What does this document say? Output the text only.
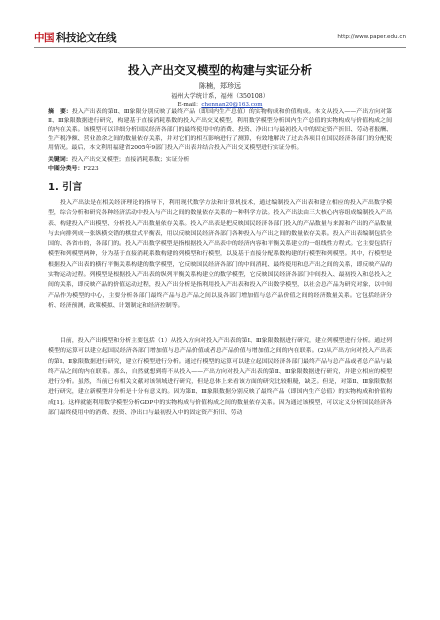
中国 科技论文在线	http://www.paper.edu.cn
投入产出交叉模型的构建与实证分析
陈楠，郑珍远
福州大学统计系，福州（350108）
E-mail：chennan20@163.com
摘　要：投入产出表的第Ⅱ、Ⅲ象限分别反映了最终产品（即国内生产总值）的实物构成和价值构成。本文从投入——产出方向对第Ⅱ、Ⅲ象限数据进行研究，构建基于直接消耗系数的投入产出交叉模型，利用数学模型分析国内生产总值的实物构成与价值构成之间的内在关系。该模型可以详细分析国民经济各部门的最终使用中的消费、投资、净出口与最初投入中的固定资产折旧、劳动者报酬、生产税净额、营业盈余之间的数量依存关系，并对它们的相互影响进行了测算，有效地解决了过去各项目在国民经济各部门的分配使用情况。最后，本文利用福建省2005年9部门投入产出表并结合投入产出交叉模型进行实证分析。
关键词：投入产出交叉模型；直接消耗系数；实证分析
中图分类号：F223
1. 引言
投入产出法是在相关经济理论的指导下，利用现代数学方法和计算机技术，通过编制投入产出表和建立相应的投入产出数学模型，综合分析和研究各种经济活动中投入与产出之间的数量依存关系的一种科学方法。投入产出法由三大核心内容组成编制投入产出表、构建投入产出模型、分析投入产出数量依存关系。投入产出表是把反映国民经济各部门投入的产品数量与来源和产出的产品数量与去向排列成一张纵横交错的棋盘式平衡表，用以反映国民经济各部门各种投入与产出之间的数量依存关系。投入产出表编制包括全国的、各省市的，各部门的。投入产出数学模型是指根据投入产出表中的经济内容和平衡关系建立的一组线性方程式。它主要包括行模型和列模型两种，分为基于直接消耗系数构建的列模型和行模型，以及基于直接分配系数构建的行模型和列模型。其中，行模型是根据投入产出表的横行平衡关系构建的数学模型，它反映国民经济各部门的中间消耗、最终使用和总产出之间的关系，即反映产品的实物运动过程。列模型是根据投入产出表的纵列平衡关系构建立的数学模型，它反映国民经济各部门中间投入、最初投入和总投入之间的关系，即反映产品的价值运动过程，投入产出分析是指利用投入产出表和投入产出数学模型，以社会总产品为研究对象，以中间产品作为模型的中心，主要分析各部门最终产品与总产品之间以及各部门增加值与总产品价值之间的经济数量关系。它包括经济分析、经济预测，政策模拟、计划制定和经济控制等。
目前，投入产出模型和分析主要包括（1）从投入方向对投入产出表的第Ⅰ、Ⅲ象限数据进行研究，建立列模型进行分析。通过列模型的运算可以建立起国民经济各部门增加值与总产品价值或者总产品价值与增加值之间的内在联系。(2)从产出方向对投入产出表的第Ⅰ、Ⅱ象限数据进行研究，建立行模型进行分析。通过行模型的运算可以建立起国民经济各部门最终产品与总产品或者总产品与最终产品之间的内在联系。那么，自然就想到将不从投入——产出方向对投入产出表的第Ⅱ、Ⅲ象限数据进行研究，并建立相应的模型进行分析。虽然，当前已有相关文献对该领域进行研究，但是总体上来看该方面的研究比较粗糙，缺乏。但是，对第Ⅱ、Ⅲ象限数据进行研究，建立新模型并分析是十分有意义的。因为第Ⅱ、Ⅲ象限数据分别反映了最终产品（即国内生产总值）的实物构成和价值构成[1]。这样就能利用数学模型分析GDP中的实物构成与价值构成之间的数量依存关系。因为通过该模型，可以定义分析国民经济各部门最终使用中的消费、投资、净出口与最初投入中的固定资产折旧、劳动
